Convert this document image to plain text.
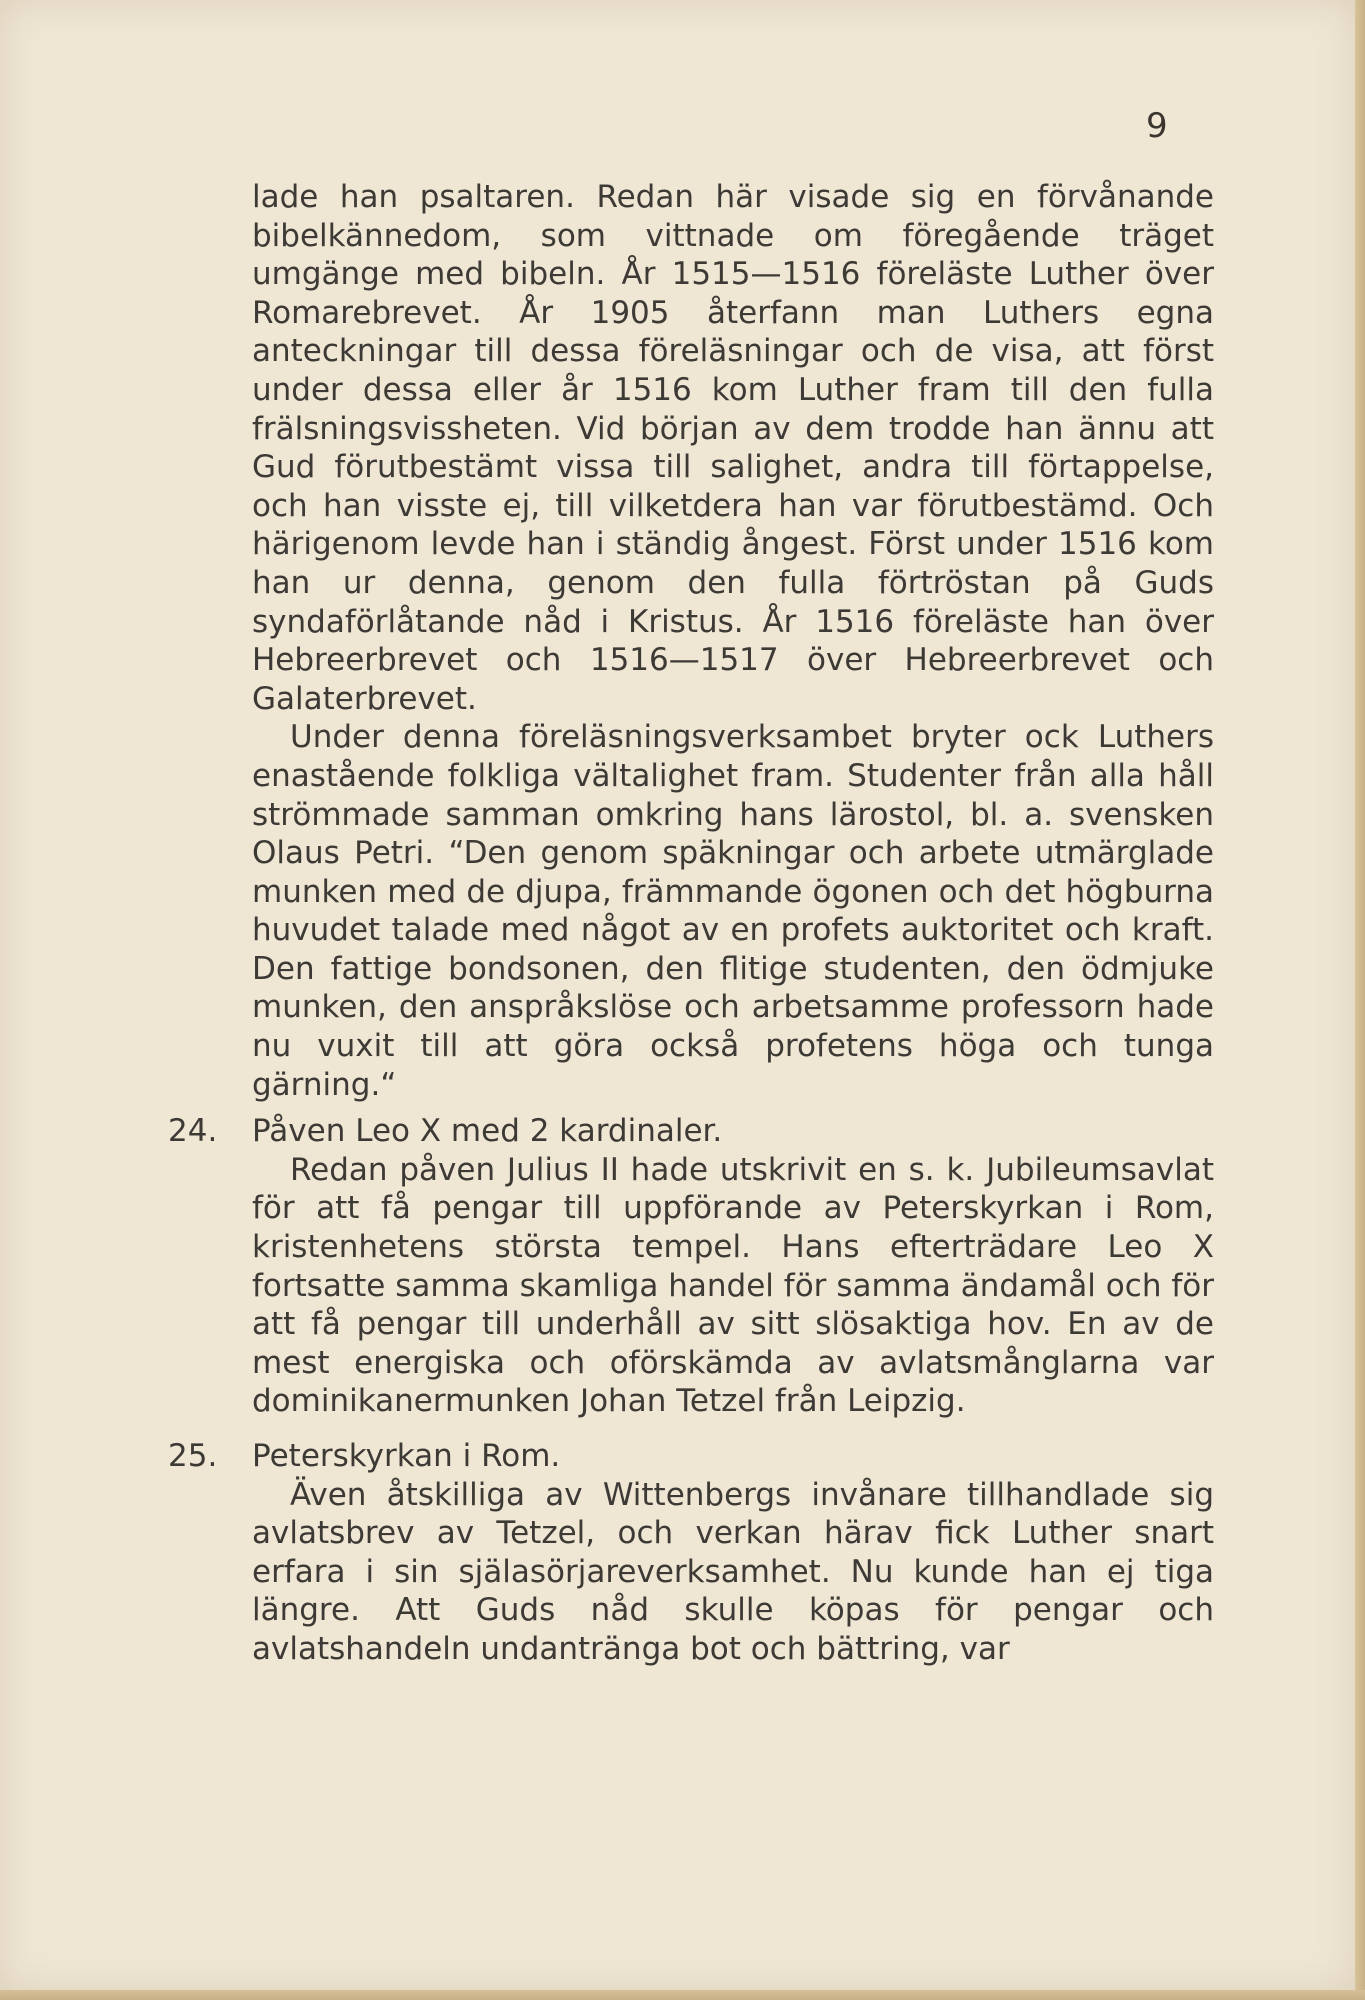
9

lade han psaltaren. Redan här visade sig en förvånande bibelkännedom, som vittnade om föregående träget umgänge med bibeln. År 1515—1516 föreläste Luther över Romarebrevet. År 1905 återfann man Luthers egna anteckningar till dessa föreläsningar och de visa, att först under dessa eller år 1516 kom Luther fram till den fulla frälsningsvissheten. Vid början av dem trodde han ännu att Gud förutbestämt vissa till salighet, andra till förtappelse, och han visste ej, till vilketdera han var förutbestämd. Och härigenom levde han i ständig ångest. Först under 1516 kom han ur denna, genom den fulla förtröstan på Guds syndaförlåtande nåd i Kristus. År 1516 föreläste han över Hebreerbrevet och 1516—1517 över Hebreerbrevet och Galaterbrevet.

Under denna föreläsningsverksambet bryter ock Luthers enastående folkliga vältalighet fram. Studenter från alla håll strömmade samman omkring hans lärostol, bl. a. svensken Olaus Petri. “Den genom späkningar och arbete utmärglade munken med de djupa, främmande ögonen och det högburna huvudet talade med något av en profets auktoritet och kraft. Den fattige bondsonen, den flitige studenten, den ödmjuke munken, den anspråkslöse och arbetsamme professorn hade nu vuxit till att göra också profetens höga och tunga gärning.“

24.	Påven Leo X med 2 kardinaler.

Redan påven Julius II hade utskrivit en s. k. Jubileumsavlat för att få pengar till uppförande av Peterskyrkan i Rom, kristenhetens största tempel. Hans efterträdare Leo X fortsatte samma skamliga handel för samma ändamål och för att få pengar till underhåll av sitt slösaktiga hov. En av de mest energiska och oförskämda av avlatsmånglarna var dominikanermunken Johan Tetzel från Leipzig.

25.	Peterskyrkan i Rom.

Även åtskilliga av Wittenbergs invånare tillhandlade sig avlatsbrev av Tetzel, och verkan härav fick Luther snart erfara i sin själasörjareverksamhet. Nu kunde han ej tiga längre. Att Guds nåd skulle köpas för pengar och avlatshandeln undantränga bot och bättring, var
